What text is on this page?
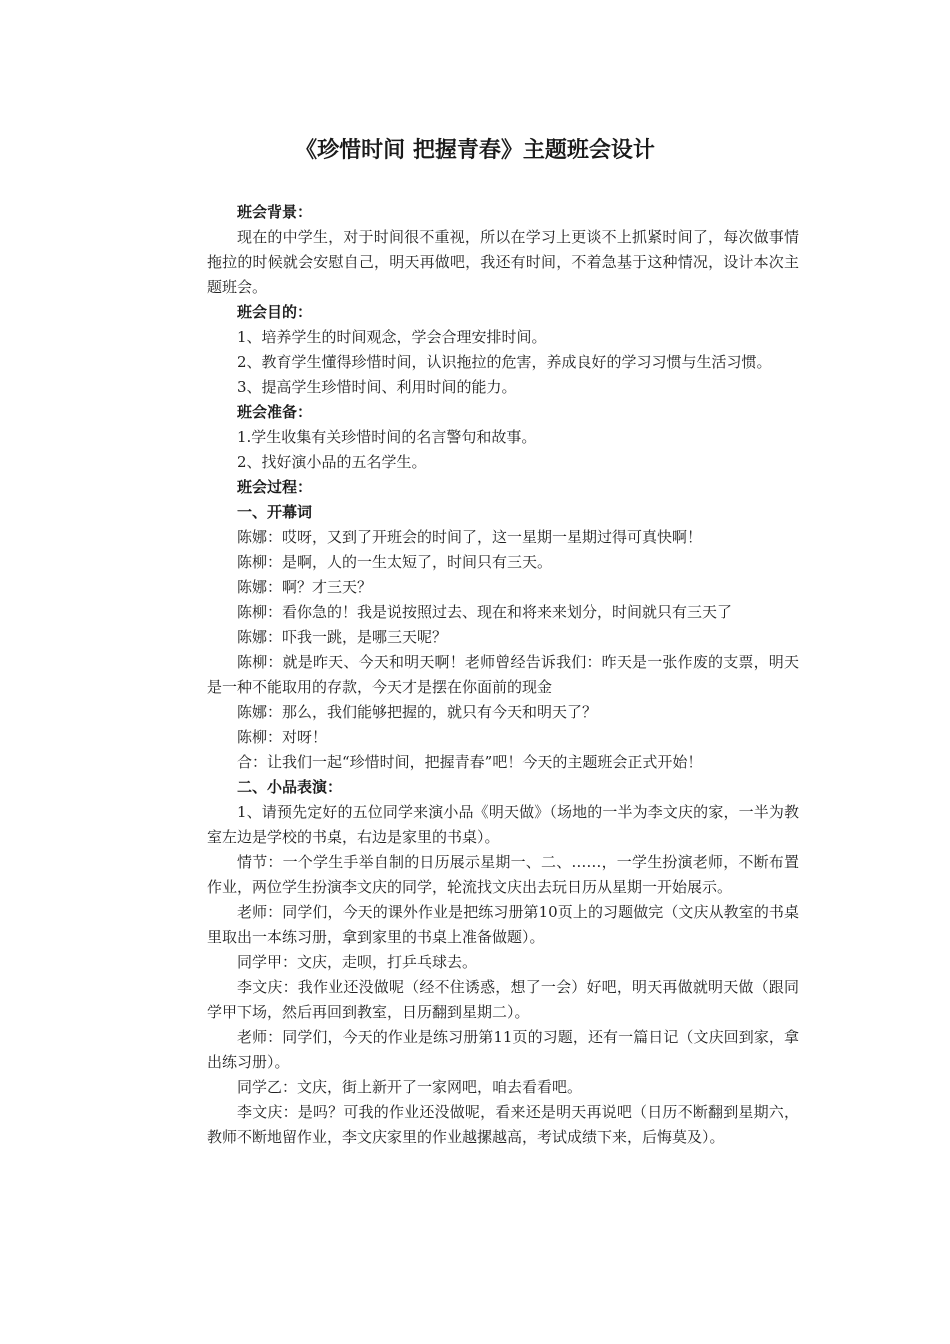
《珍惜时间 把握青春》主题班会设计

班会背景：

现在的中学生，对于时间很不重视，所以在学习上更谈不上抓紧时间了，每次做事情拖拉的时候就会安慰自己，明天再做吧，我还有时间，不着急基于这种情况，设计本次主题班会。

班会目的：

1、培养学生的时间观念，学会合理安排时间。

2、教育学生懂得珍惜时间，认识拖拉的危害，养成良好的学习习惯与生活习惯。

3、提高学生珍惜时间、利用时间的能力。

班会准备：

1.学生收集有关珍惜时间的名言警句和故事。

2、找好演小品的五名学生。

班会过程：

一、开幕词

陈娜：哎呀，又到了开班会的时间了，这一星期一星期过得可真快啊！

陈柳：是啊，人的一生太短了，时间只有三天。

陈娜：啊？才三天？

陈柳：看你急的！我是说按照过去、现在和将来来划分，时间就只有三天了

陈娜：吓我一跳，是哪三天呢？

陈柳：就是昨天、今天和明天啊！老师曾经告诉我们：昨天是一张作废的支票，明天是一种不能取用的存款，今天才是摆在你面前的现金

陈娜：那么，我们能够把握的，就只有今天和明天了？

陈柳：对呀！

合：让我们一起“珍惜时间，把握青春”吧！今天的主题班会正式开始！

二、小品表演：

1、请预先定好的五位同学来演小品《明天做》（场地的一半为李文庆的家，一半为教室左边是学校的书桌，右边是家里的书桌）。

情节：一个学生手举自制的日历展示星期一、二、……，一学生扮演老师，不断布置作业，两位学生扮演李文庆的同学，轮流找文庆出去玩日历从星期一开始展示。

老师：同学们，今天的课外作业是把练习册第10页上的习题做完（文庆从教室的书桌里取出一本练习册，拿到家里的书桌上准备做题）。

同学甲：文庆，走呗，打乒乓球去。

李文庆：我作业还没做呢（经不住诱惑，想了一会）好吧，明天再做就明天做（跟同学甲下场，然后再回到教室，日历翻到星期二）。

老师：同学们，今天的作业是练习册第11页的习题，还有一篇日记（文庆回到家，拿出练习册）。

同学乙：文庆，街上新开了一家网吧，咱去看看吧。

李文庆：是吗？可我的作业还没做呢，看来还是明天再说吧（日历不断翻到星期六，教师不断地留作业，李文庆家里的作业越摞越高，考试成绩下来，后悔莫及）。
